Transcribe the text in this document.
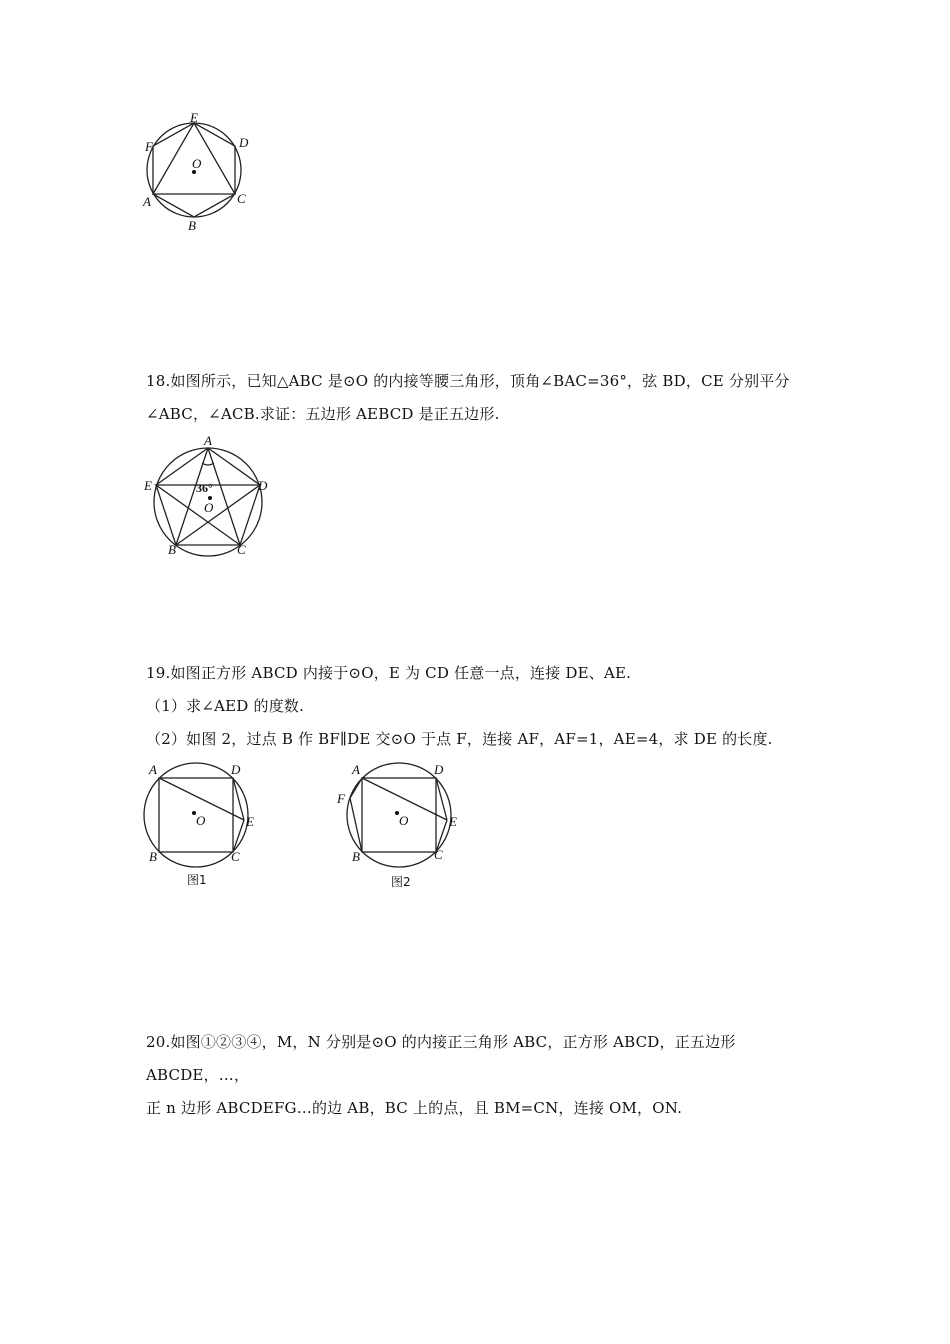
E
D
F
O
A	C
B

18.如图所示，已知△ABC 是⊙O 的内接等腰三角形，顶角∠BAC=36°，弦 BD，CE 分别平分
∠ABC，∠ACB.求证：五边形 AEBCD 是正五边形.

A
E	D
36°
O
B	C

19.如图正方形 ABCD 内接于⊙O，E 为 CD 任意一点，连接 DE、AE.
（1）求∠AED 的度数.
（2）如图 2，过点 B 作 BF∥DE 交⊙O 于点 F，连接 AF，AF=1，AE=4，求 DE 的长度.

A	D
O	E
B	C
图1
A	D
F
O	E
B	C
图2

20.如图①②③④，M，N 分别是⊙O 的内接正三角形 ABC，正方形 ABCD，正五边形 ABCDE，…，
正 n 边形 ABCDEFG…的边 AB，BC 上的点，且 BM=CN，连接 OM，ON.
